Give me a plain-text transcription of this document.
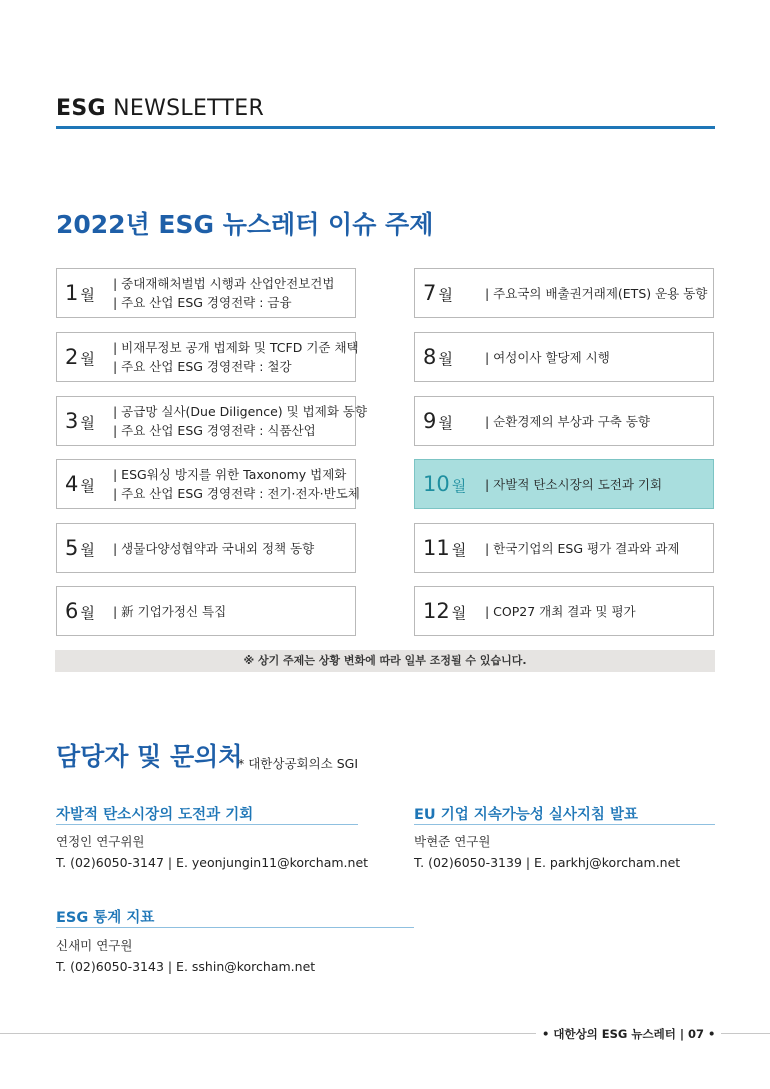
ESG NEWSLETTER
2022년 ESG 뉴스레터 이슈 주제
1 월
| 중대재해처벌법 시행과 산업안전보건법
| 주요 산업 ESG 경영전략 : 금융
2 월
| 비재무정보 공개 법제화 및 TCFD 기준 채택
| 주요 산업 ESG 경영전략 : 철강
3 월
| 공급망 실사(Due Diligence) 및 법제화 동향
| 주요 산업 ESG 경영전략 : 식품산업
4 월
| ESG워싱 방지를 위한 Taxonomy 법제화
| 주요 산업 ESG 경영전략 : 전기·전자·반도체
5 월 | 생물다양성협약과 국내외 정책 동향
6 월 | 新 기업가정신 특집
7 월	| 주요국의 배출권거래제(ETS) 운용 동향
8 월	| 여성이사 할당제 시행
9 월	| 순환경제의 부상과 구축 동향
10 월 | 자발적 탄소시장의 도전과 기회
11 월 | 한국기업의 ESG 평가 결과와 과제
12 월 | COP27 개최 결과 및 평가
※ 상기 주제는 상황 변화에 따라 일부 조정될 수 있습니다.
담당자 및 문의처
* 대한상공회의소 SGI
자발적 탄소시장의 도전과 기회
연정인 연구위원
T. (02)6050-3147 | E. yeonjungin11@korcham.net
EU 기업 지속가능성 실사지침 발표
박현준 연구원
T. (02)6050-3139 | E. parkhj@korcham.net
ESG 통계 지표
신새미 연구원
T. (02)6050-3143 | E. sshin@korcham.net
• 대한상의 ESG 뉴스레터 | 07 •
